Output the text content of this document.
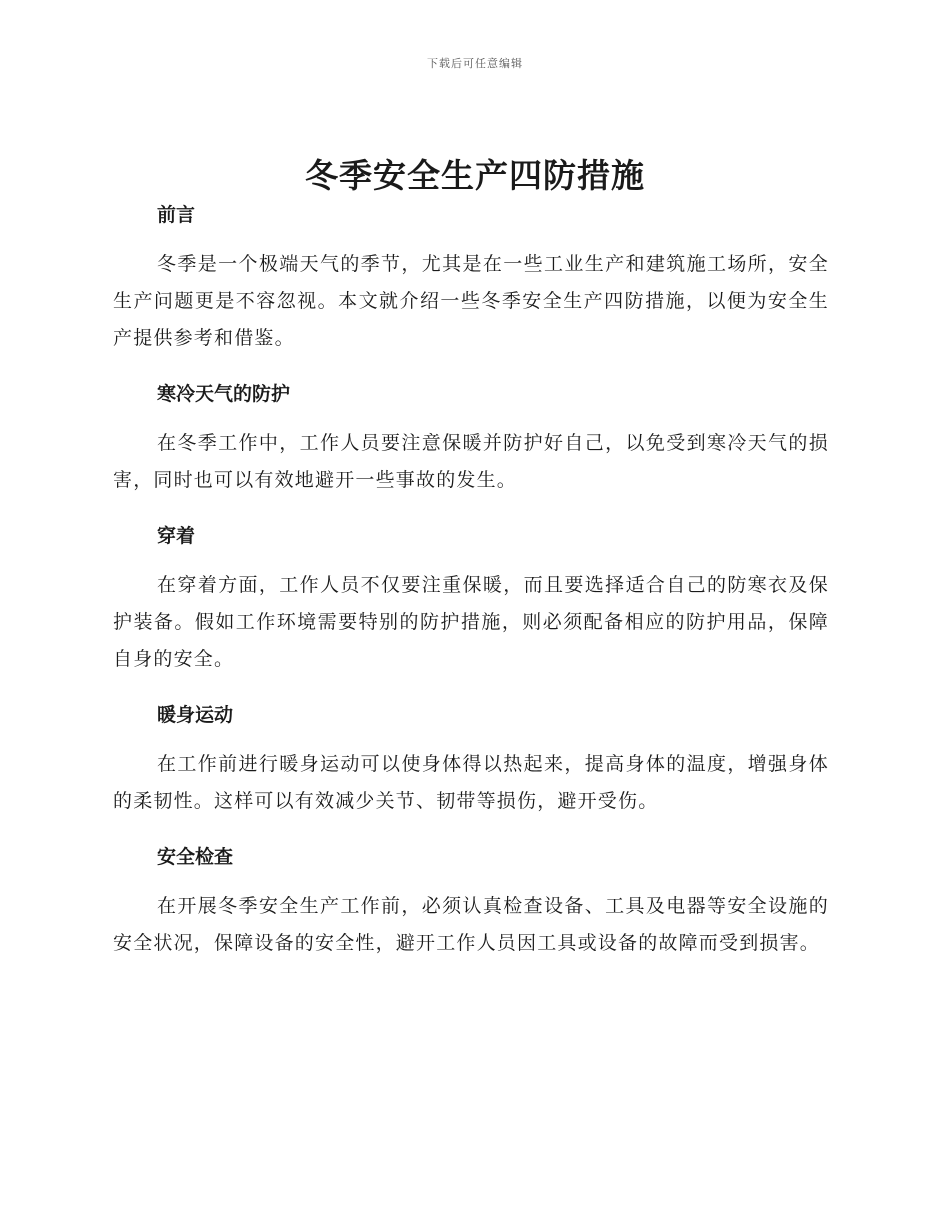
下载后可任意编辑
冬季安全生产四防措施
前言

冬季是一个极端天气的季节，尤其是在一些工业生产和建筑施工场所，安全生产问题更是不容忽视。本文就介绍一些冬季安全生产四防措施，以便为安全生产提供参考和借鉴。

寒冷天气的防护

在冬季工作中，工作人员要注意保暖并防护好自己，以免受到寒冷天气的损害，同时也可以有效地避开一些事故的发生。

穿着

在穿着方面，工作人员不仅要注重保暖，而且要选择适合自己的防寒衣及保护装备。假如工作环境需要特别的防护措施，则必须配备相应的防护用品，保障自身的安全。

暖身运动

在工作前进行暖身运动可以使身体得以热起来，提高身体的温度，增强身体的柔韧性。这样可以有效减少关节、韧带等损伤，避开受伤。

安全检查

在开展冬季安全生产工作前，必须认真检查设备、工具及电器等安全设施的安全状况，保障设备的安全性，避开工作人员因工具或设备的故障而受到损害。
